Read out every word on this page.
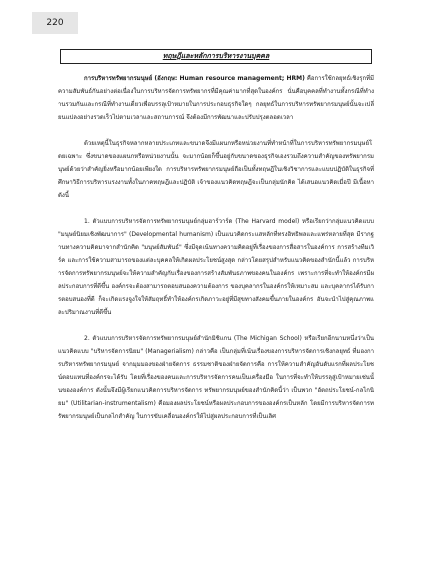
220
ทฤษฎีและหลักการบริหารงานบุคคล

การบริหารทรัพยากรมนุษย์ (อังกฤษ: Human resource management; HRM) คือการใช้กลยุทธ์เชิงรุกที่มีความสัมพันธ์กันอย่างต่อเนื่องในการบริหารจัดการทรัพยากรที่มีคุณค่ามากที่สุดในองค์กร นั่นคือบุคคลที่ทำงานทั้งกรณีที่ทำงานรวมกันและกรณีที่ทำงานเดี่ยวเพื่อบรรลุเป้าหมายในการประกอบธุรกิจใดๆ กลยุทธ์ในการบริหารทรัพยากรมนุษย์นั้นจะเปลี่ยนแปลงอย่างรวดเร็วไปตามเวลาและสถานการณ์ จึงต้องมีการพัฒนาและปรับปรุงตลอดเวลา

ด้วยเหตุนี้ในธุรกิจหลากหลายประเภทและขนาดจึงมีแผนกหรือหน่วยงานที่ทำหน้าที่ในการบริหารทรัพยากรมนุษย์โดยเฉพาะ ซึ่งขนาดของแผนกหรือหน่วยงานนั้น จะมากน้อยก็ขึ้นอยู่กับขนาดของธุรกิจเองรวมถึงความสำคัญของทรัพยากรมนุษย์ด้วยว่าสำคัญยิ่งหรือมากน้อยเพียงใด การบริหารทรัพยากรมนุษย์ถือเป็นทั้งทฤษฎีในเชิงวิชาการและแบบปฏิบัติในธุรกิจที่ศึกษาวิธีการบริหารแรงงานทั้งในภาคทฤษฎีและปฏิบัติ เจ้าของแนวคิดทฤษฎีจะเป็นกลุ่มนักคิด ได้เสนอแนวคิดเมื่อปี มีเนื้อหาดังนี้

1. ตัวแบบการบริหารจัดการทรัพยากรมนุษย์กลุ่มฮาร์วาร์ด (The Harvard model) หรือเรียกว่ากลุ่มแนวคิดแบบ "มนุษย์นิยมเชิงพัฒนาการ" (Developmental humanism) เป็นแนวคิดกระแสหลักที่ทรงอิทธิพลและแพร่หลายที่สุด มีรากฐานทางความคิดมาจากสำนักคิด "มนุษย์สัมพันธ์" ซึ่งมีจุดเน้นทางความคิดอยู่ที่เรื่องของการสื่อสารในองค์การ การสร้างทีมเวิร์ค และการใช้ความสามารถของแต่ละบุคคลให้เกิดผลประโยชน์สูงสุด กล่าวโดยสรุปสำหรับแนวคิดของสำนักนี้แล้ว การบริหารจัดการทรัพยากรมนุษย์จะให้ความสำคัญกับเรื่องของการสร้างสัมพันธภาพของคนในองค์กร เพราะการที่จะทำให้องค์กรมีผลประกอบการที่ดีขึ้น องค์กรจะต้องสามารถตอบสนองความต้องการ ของบุคลากรในองค์กรให้เหมาะสม และบุคลากรได้รับการตอบสนองที่ดี ก็จะเกิดแรงจูงใจให้สัมฤทธิ์ทำให้องค์กรเกิดภาวะอยู่ที่มีสุขทางสังคมขึ้นภายในองค์กร อันจะนำไปสู่คุณภาพและปริมาณงานที่ดีขึ้น

2. ตัวแบบการบริหารจัดการทรัพยากรมนุษย์สำนักมิชิแกน (The Michigan School) หรือเรียกอีกนามหนึ่งว่าเป็นแนวคิดแบบ "บริหารจัดการนิยม" (Managerialism) กล่าวคือ เป็นกลุ่มที่เน้นเรื่องของการบริหารจัดการเชิงกลยุทธ์ ที่มองการบริหารทรัพยากรมนุษย์ จากมุมมองของฝ่ายจัดการ ธรรมชาติของฝ่ายจัดการคือ การให้ความสำคัญอันดับแรกที่ผลประโยชน์ตอบแทนที่องค์กรจะได้รับ โดยที่เรื่องของคนและการบริหารจัดการคนเป็นเครื่องมือ ในการที่จะทำให้บรรลุสู่เป้าหมายเช่นนั้นขององค์การ ดังนั้นจึงมีผู้เรียกแนวคิดการบริหารจัดการ ทรัพยากรมนุษย์ของสำนักคิดนี้ว่า เป็นพวก "อัตถประโยชน์-กลไกนิยม" (Utilitarian-instrumentalism) คือมองผลประโยชน์หรือผลประกอบการขององค์กรเป็นหลัก โดยมีการบริหารจัดการทรัพยากรมนุษย์เป็นกลไกสำคัญ ในการขับเคลื่อนองค์กรให้ไปสู่ผลประกอบการที่เป็นเลิศ
